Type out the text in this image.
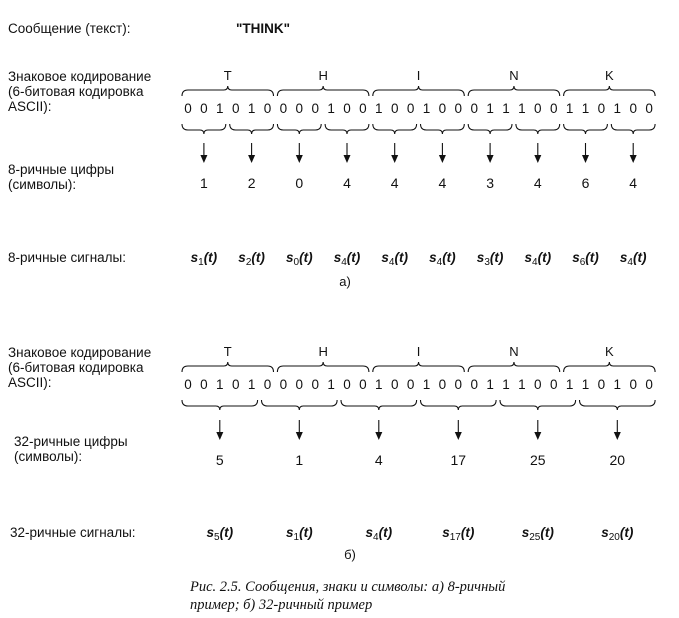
Сообщение (текст):	"THINK"
Знаковое кодирование
(6-битовая кодировка
ASCII):
T	H	I	N	K
0 0 1 0 1 0 0 0 0 1 0 0 1 0 0 1 0 0 0 1 1 1 0 0 1 1 0 1 0 0
8-ричные цифры
(символы):	1	2	0	4	4	4	3	4	6	4
8-ричные сигналы:	$s_1(t)$ $s_2(t)$ $s_0(t)$ $s_4(t)$ $s_4(t)$ $s_4(t)$ $s_3(t)$ $s_4(t)$ $s_6(t)$ $s_4(t)$
а)
Знаковое кодирование
(6-битовая кодировка
ASCII):
T	H	I	N	K
0 0 1 0 1 0 0 0 0 1 0 0 1 0 0 1 0 0 0 1 1 1 0 0 1 1 0 1 0 0
32-ричные цифры
(символы):	5	1	4	17	25	20
32-ричные сигналы:	$s_5(t)$	$s_1(t)$	$s_4(t)$	$s_{17}(t)$	$s_{25}(t)$	$s_{20}(t)$
б)
Рис. 2.5. Сообщения, знаки и символы: а) 8-ричный
пример; б) 32-ричный пример
